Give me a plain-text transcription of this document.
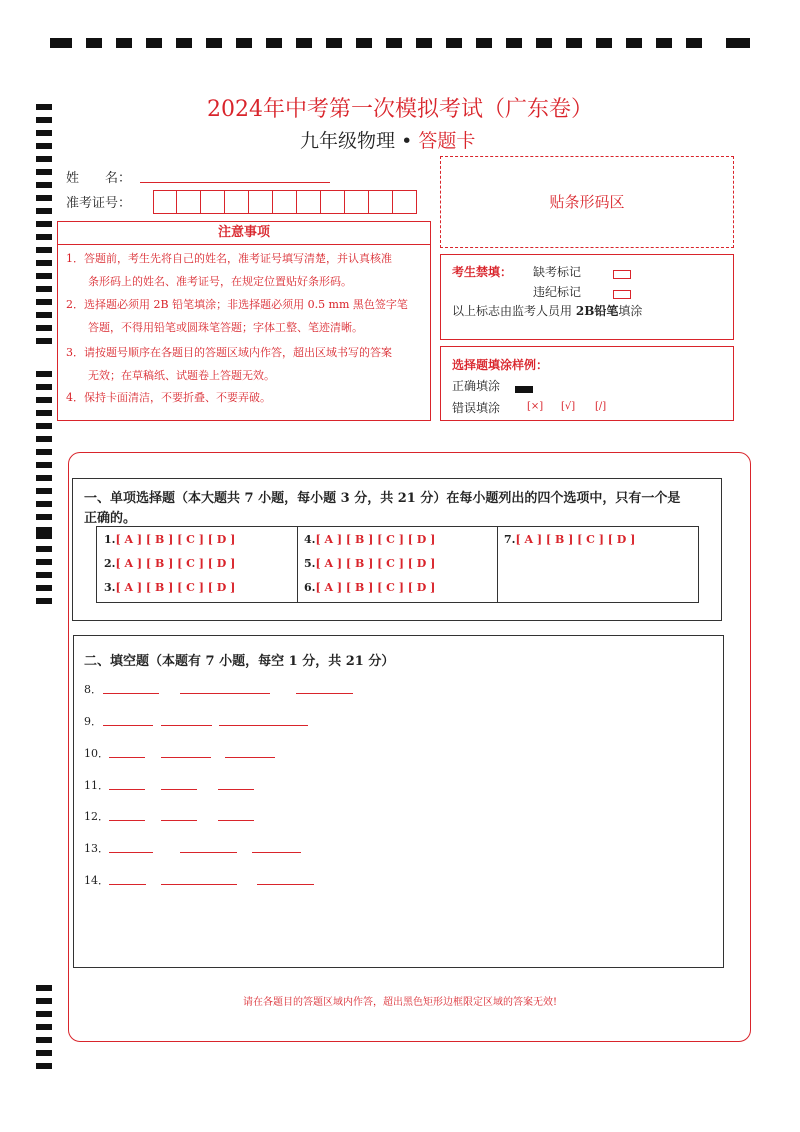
2024年中考第一次模拟考试（广东卷）
九年级物理 • 答题卡
姓　　名：
准考证号：	贴条形码区
注意事项
1．答题前，考生先将自己的姓名，准考证号填写清楚，并认真核准
　　条形码上的姓名、准考证号，在规定位置贴好条形码。
2．选择题必须用 2B 铅笔填涂；非选择题必须用 0.5 mm 黑色签字笔
　　答题，不得用铅笔或圆珠笔答题；字体工整、笔迹清晰。
3．请按题号顺序在各题目的答题区域内作答，超出区域书写的答案
　　无效；在草稿纸、试题卷上答题无效。
4．保持卡面清洁，不要折叠、不要弄破。
考生禁填： 缺考标记
违纪标记
以上标志由监考人员用 2B铅笔填涂
选择题填涂样例：
正确填涂
错误填涂	[×] [√] [/]
一、单项选择题（本大题共 7 小题，每小题 3 分，共 21 分）在每小题列出的四个选项中，只有一个是
正确的。
1.[ A ] [ B ] [ C ] [ D ]
2.[ A ] [ B ] [ C ] [ D ]
3.[ A ] [ B ] [ C ] [ D ]
4.[ A ] [ B ] [ C ] [ D ]
5.[ A ] [ B ] [ C ] [ D ]
6.[ A ] [ B ] [ C ] [ D ]
7.[ A ] [ B ] [ C ] [ D ]
二、填空题（本题有 7 小题，每空 1 分，共 21 分）
8．
9．
10．
11．
12．
13．
14．
请在各题目的答题区域内作答，超出黑色矩形边框限定区域的答案无效!
